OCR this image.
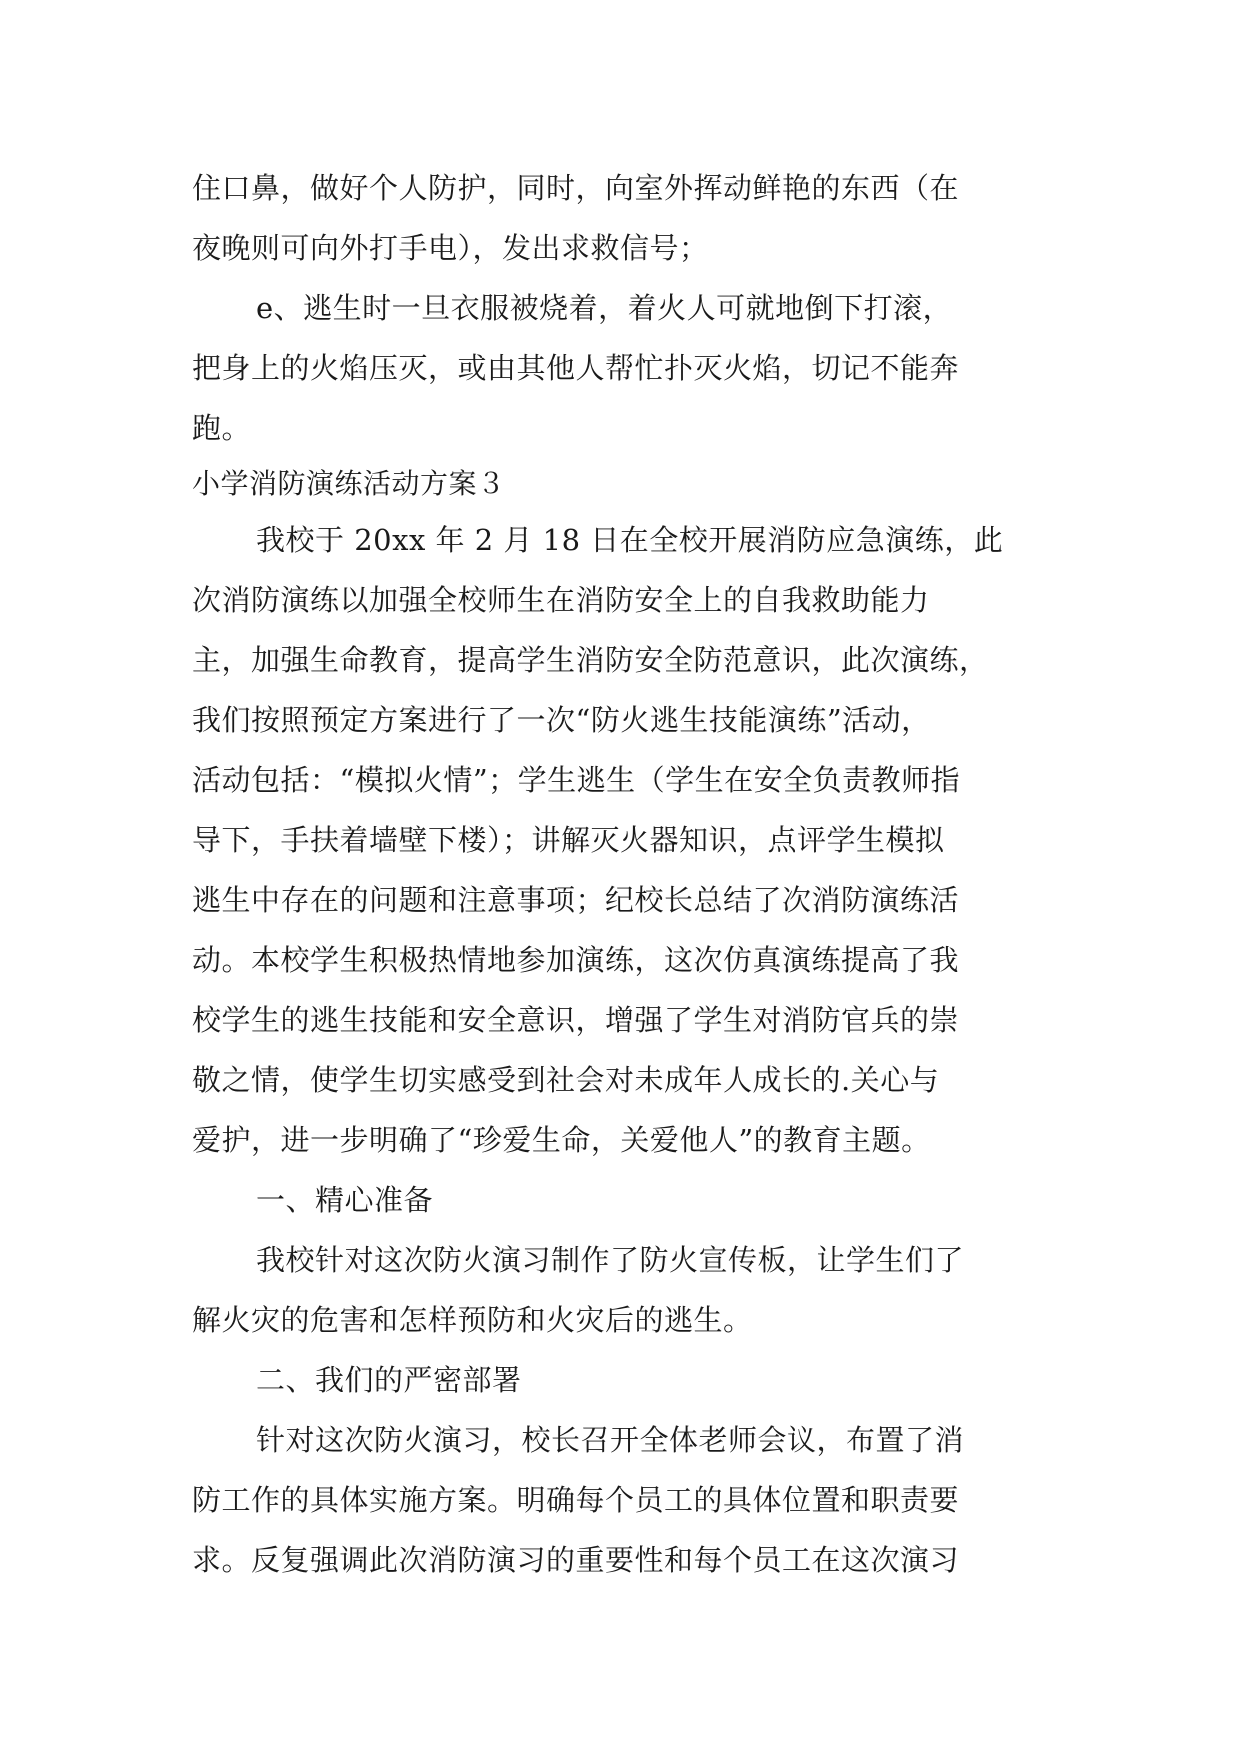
住口鼻，做好个人防护，同时，向室外挥动鲜艳的东西（在
夜晚则可向外打手电），发出求救信号；
e、逃生时一旦衣服被烧着，着火人可就地倒下打滚，
把身上的火焰压灭，或由其他人帮忙扑灭火焰，切记不能奔
跑。
小学消防演练活动方案３
我校于 20xx 年 2 月 18 日在全校开展消防应急演练，此
次消防演练以加强全校师生在消防安全上的自我救助能力
主，加强生命教育，提高学生消防安全防范意识，此次演练，
我们按照预定方案进行了一次“防火逃生技能演练”活动，
活动包括：“模拟火情”；学生逃生（学生在安全负责教师指
导下，手扶着墙壁下楼）；讲解灭火器知识，点评学生模拟
逃生中存在的问题和注意事项；纪校长总结了次消防演练活
动。本校学生积极热情地参加演练，这次仿真演练提高了我
校学生的逃生技能和安全意识，增强了学生对消防官兵的崇
敬之情，使学生切实感受到社会对未成年人成长的.关心与
爱护，进一步明确了“珍爱生命，关爱他人”的教育主题。
一、精心准备
我校针对这次防火演习制作了防火宣传板，让学生们了
解火灾的危害和怎样预防和火灾后的逃生。
二、我们的严密部署
针对这次防火演习，校长召开全体老师会议，布置了消
防工作的具体实施方案。明确每个员工的具体位置和职责要
求。反复强调此次消防演习的重要性和每个员工在这次演习
